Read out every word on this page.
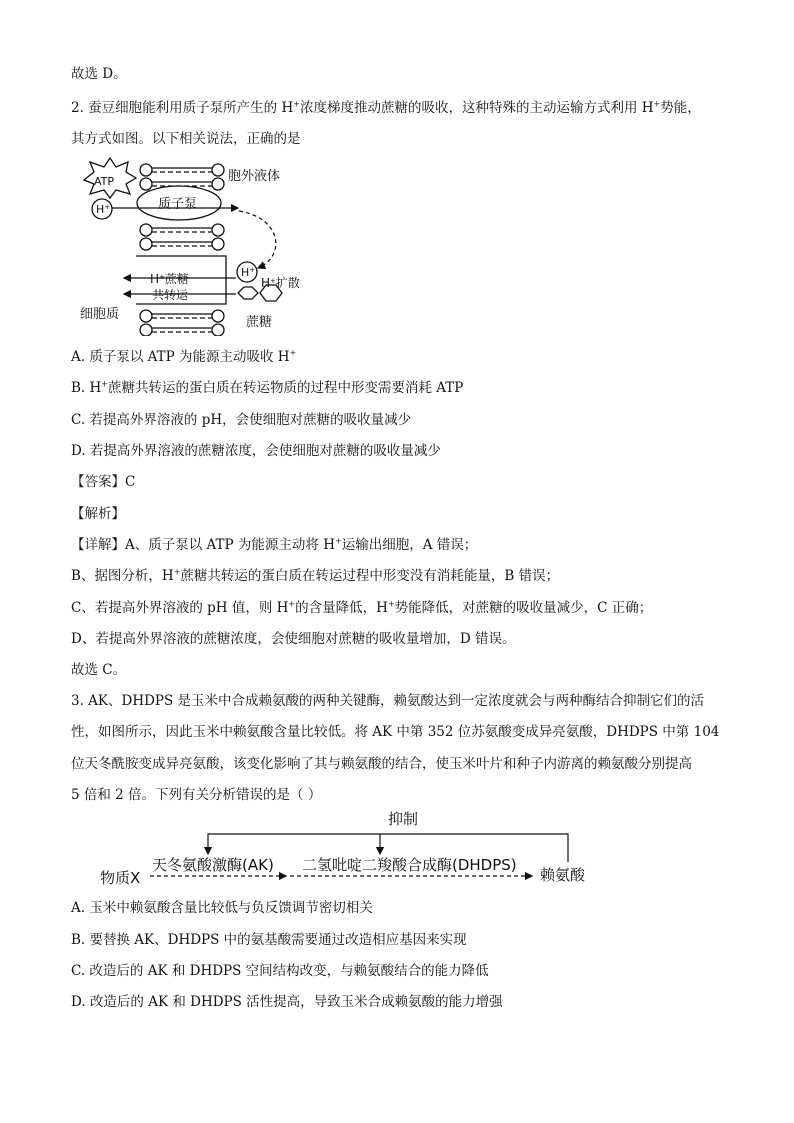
故选 D。
2. 蚕豆细胞能利用质子泵所产生的 H+浓度梯度推动蔗糖的吸收，这种特殊的主动运输方式利用 H+势能，
其方式如图。以下相关说法，正确的是
ATP
H+	质子泵
胞外液体
H+
H+蔗糖
共转运
H+扩散
细胞质
蔗糖
A. 质子泵以 ATP 为能源主动吸收 H+
B. H+蔗糖共转运的蛋白质在转运物质的过程中形变需要消耗 ATP
C. 若提高外界溶液的 pH，会使细胞对蔗糖的吸收量减少
D. 若提高外界溶液的蔗糖浓度，会使细胞对蔗糖的吸收量减少
【答案】C
【解析】
【详解】A、质子泵以 ATP 为能源主动将 H+运输出细胞，A 错误；
B、据图分析，H+蔗糖共转运的蛋白质在转运过程中形变没有消耗能量，B 错误；
C、若提高外界溶液的 pH 值，则 H+的含量降低，H+势能降低，对蔗糖的吸收量减少，C 正确；
D、若提高外界溶液的蔗糖浓度，会使细胞对蔗糖的吸收量增加，D 错误。
故选 C。
3. AK、DHDPS 是玉米中合成赖氨酸的两种关键酶，赖氨酸达到一定浓度就会与两种酶结合抑制它们的活
性，如图所示，因此玉米中赖氨酸含量比较低。将 AK 中第 352 位苏氨酸变成异亮氨酸，DHDPS 中第 104
位天冬酰胺变成异亮氨酸，该变化影响了其与赖氨酸的结合，使玉米叶片和种子内游离的赖氨酸分别提高
5 倍和 2 倍。下列有关分析错误的是（ ）
抑制
物质X
天冬氨酸激酶(AK) 二氢吡啶二羧酸合成酶(DHDPS)
赖氨酸
A. 玉米中赖氨酸含量比较低与负反馈调节密切相关
B. 要替换 AK、DHDPS 中的氨基酸需要通过改造相应基因来实现
C. 改造后的 AK 和 DHDPS 空间结构改变，与赖氨酸结合的能力降低
D. 改造后的 AK 和 DHDPS 活性提高，导致玉米合成赖氨酸的能力增强
